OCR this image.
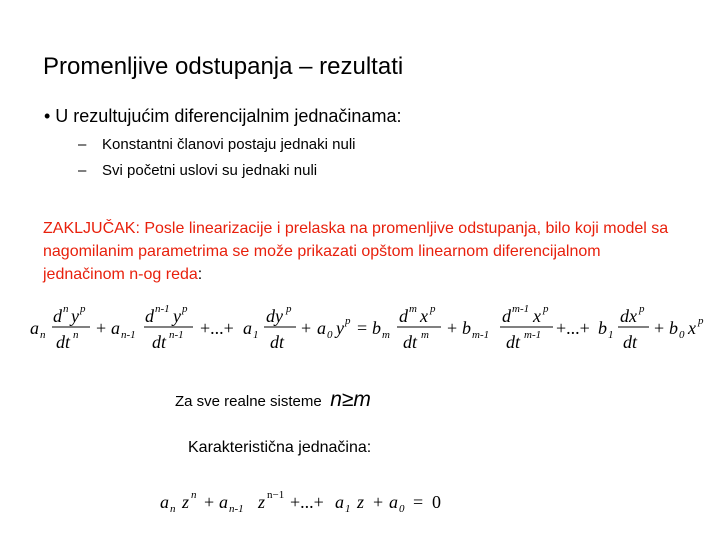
Promenljive odstupanja – rezultati
• U rezultujućim diferencijalnim jednačinama:
– Konstantni članovi postaju jednaki nuli
– Svi početni uslovi su jednaki nuli
ZAKLJUČAK: Posle linearizacije i prelaska na promenljive odstupanja, bilo koji model sa nagomilanim parametrima se može prikazati opštom linearnom diferencijalnom jednačinom n-og reda:
a n
d n y p
dt n + a n-1
d n-1 y p
dt n-1 +...+ a 1
dy p
dt
+ a 0 y p = b m
d m x p
dt m + b m-1
d m-1 x p
dt m-1 +...+ b 1
dx p
dt
+ b 0 x p
Za sve realne sisteme n≥m
Karakteristična jednačina:
a n z n + a n-1 z n−1 +...+ a 1 z + a 0 = 0
